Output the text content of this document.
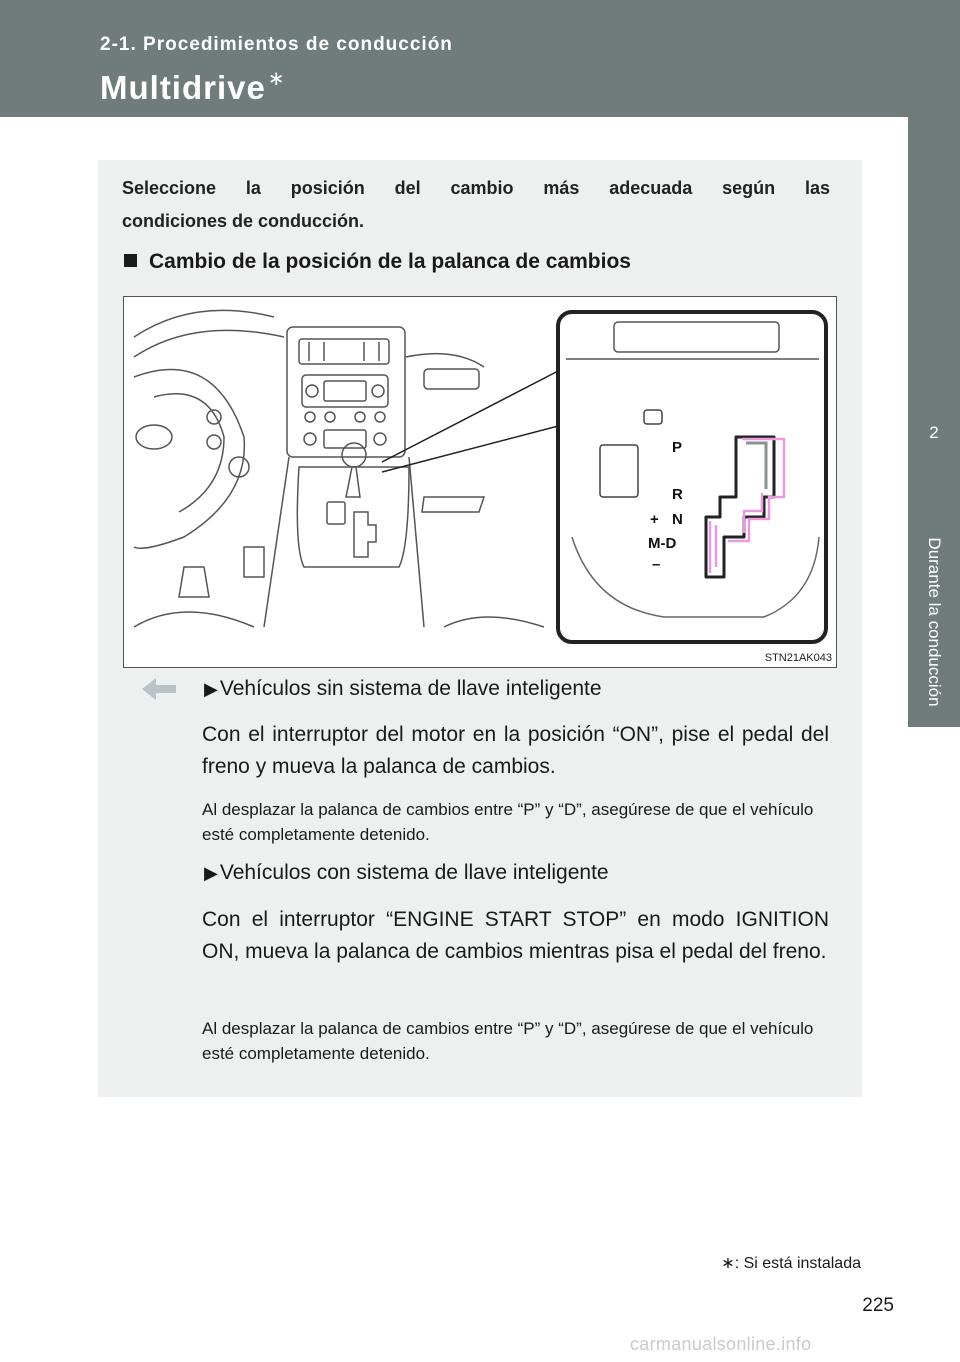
2-1. Procedimientos de conducción
Multidrive ∗
2
Durante la conducción
Seleccione la posición del cambio más adecuada según las
condiciones de conducción.
Cambio de la posición de la palanca de cambios
P
R
+ N
M-D
–
STN21AK043
▶Vehículos sin sistema de llave inteligente
Con el interruptor del motor en la posición “ON”, pise el pedal del freno y mueva la palanca de cambios.
Al desplazar la palanca de cambios entre “P” y “D”, asegúrese de que el vehículo esté completamente detenido.
▶Vehículos con sistema de llave inteligente
Con el interruptor “ENGINE START STOP” en modo IGNITION ON, mueva la palanca de cambios mientras pisa el pedal del freno.
Al desplazar la palanca de cambios entre “P” y “D”, asegúrese de que el vehículo esté completamente detenido.
∗: Si está instalada
225
carmanualsonline.info
